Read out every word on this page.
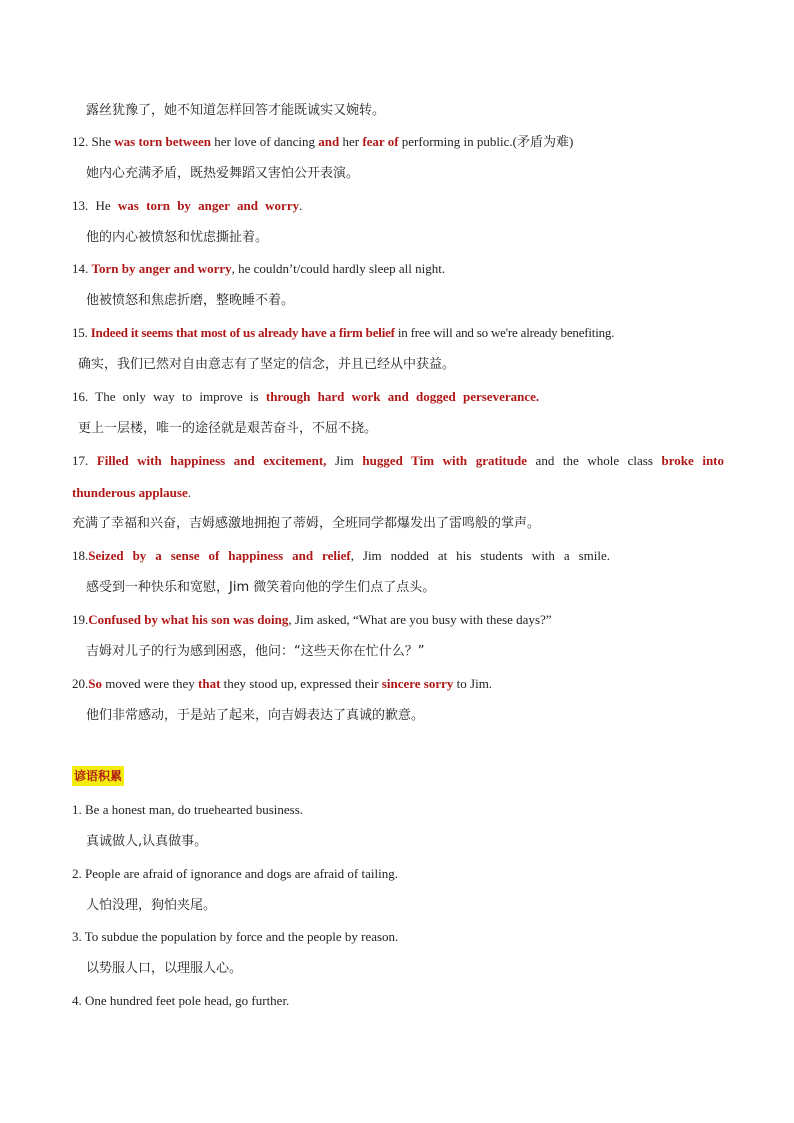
露丝犹豫了，她不知道怎样回答才能既诚实又婉转。
12. She was torn between her love of dancing and her fear of performing in public.(矛盾为难)
她内心充满矛盾，既热爱舞蹈又害怕公开表演。
13. He was torn by anger and worry.
他的内心被愤怒和忧虑撕扯着。
14. Torn by anger and worry, he couldn’t/could hardly sleep all night.
他被愤怒和焦虑折磨，整晚睡不着。
15. Indeed it seems that most of us already have a firm belief in free will and so we're already benefiting.
确实，我们已然对自由意志有了坚定的信念，并且已经从中获益。
16. The only way to improve is through hard work and dogged perseverance.
更上一层楼，唯一的途径就是艰苦奋斗，不屈不挠。
17. Filled with happiness and excitement, Jim hugged Tim with gratitude and the whole class broke into
thunderous applause.
充满了幸福和兴奋，吉姆感激地拥抱了蒂姆，全班同学都爆发出了雷鸣般的掌声。
18.Seized by a sense of happiness and relief, Jim nodded at his students with a smile.
感受到一种快乐和宽慰，Jim 微笑着向他的学生们点了点头。
19.Confused by what his son was doing, Jim asked, “What are you busy with these days?”
吉姆对儿子的行为感到困惑，他问：“这些天你在忙什么？”
20.So moved were they that they stood up, expressed their sincere sorry to Jim.
他们非常感动，于是站了起来，向吉姆表达了真诚的歉意。
谚语积累
1. Be a honest man, do truehearted business.
真诚做人,认真做事。
2. People are afraid of ignorance and dogs are afraid of tailing.
人怕没理，狗怕夹尾。
3. To subdue the population by force and the people by reason.
以势服人口，以理服人心。
4. One hundred feet pole head, go further.
